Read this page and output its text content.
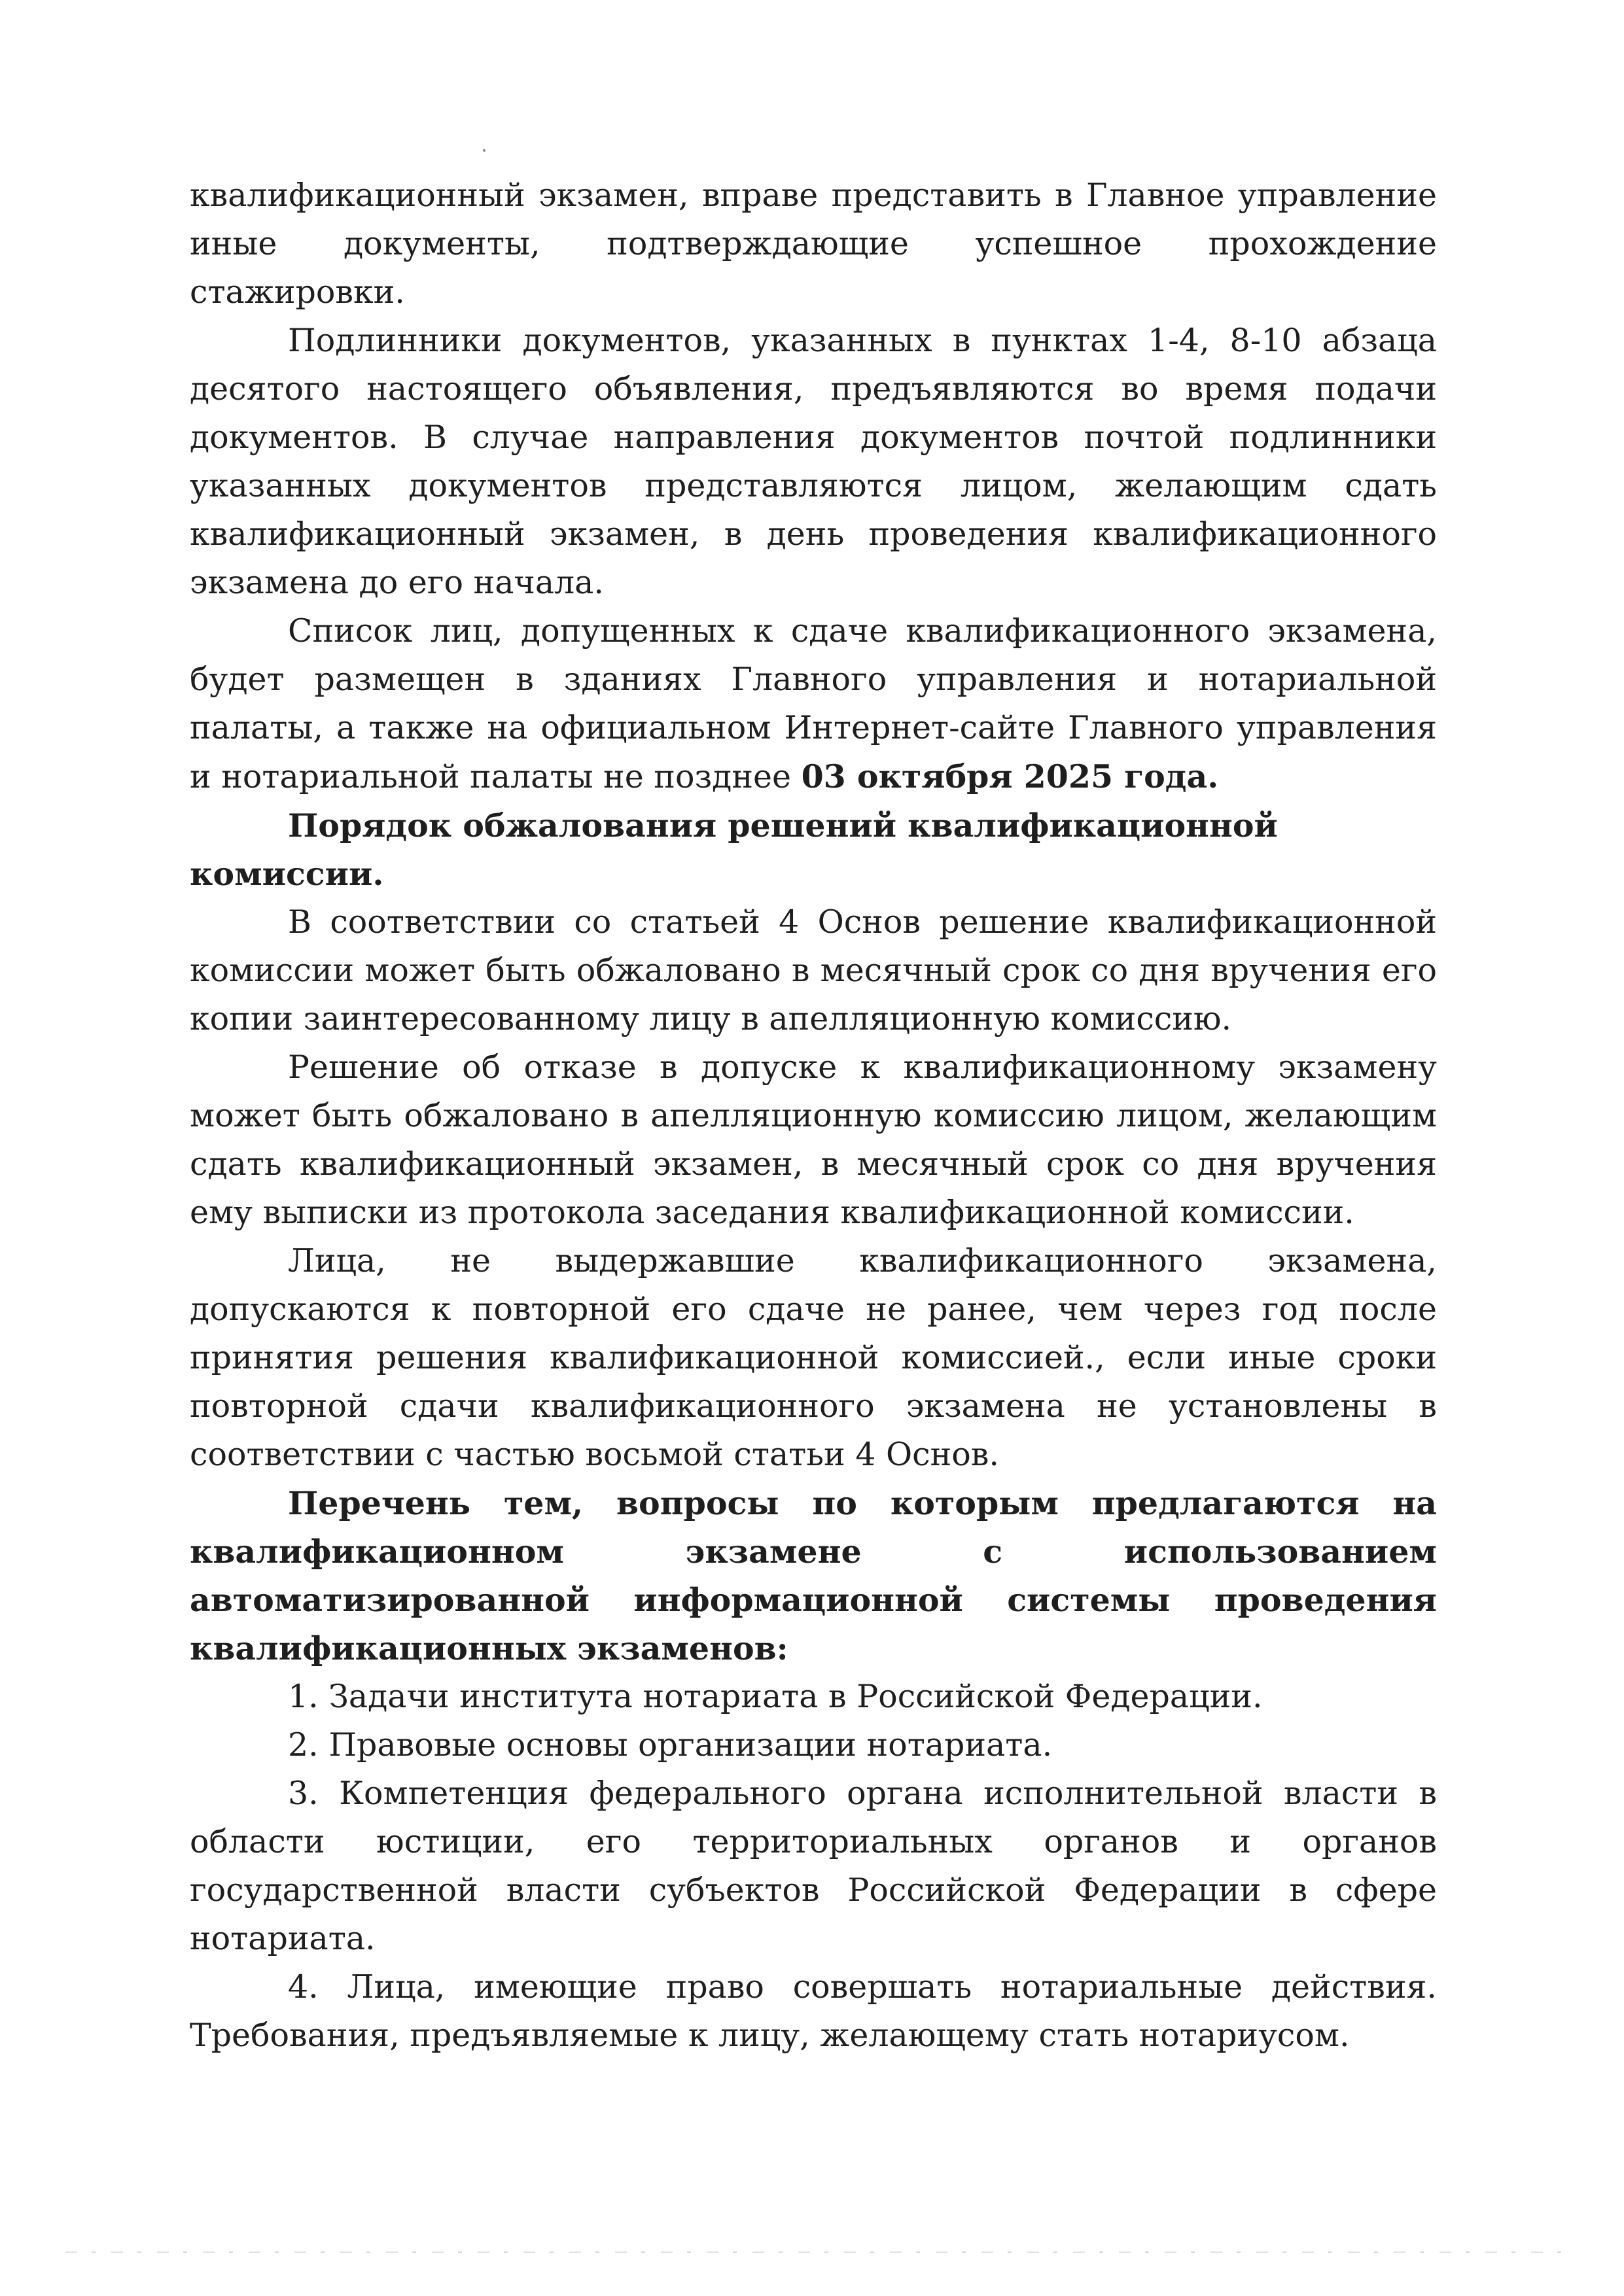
квалификационный экзамен, вправе представить в Главное управление иные документы, подтверждающие успешное прохождение стажировки.

Подлинники документов, указанных в пунктах 1-4, 8-10 абзаца десятого настоящего объявления, предъявляются во время подачи документов. В случае направления документов почтой подлинники указанных документов представляются лицом, желающим сдать квалификационный экзамен, в день проведения квалификационного экзамена до его начала.

Список лиц, допущенных к сдаче квалификационного экзамена, будет размещен в зданиях Главного управления и нотариальной палаты, а также на официальном Интернет-сайте Главного управления и нотариальной палаты не позднее 03 октября 2025 года.

Порядок обжалования решений квалификационной комиссии.

В соответствии со статьей 4 Основ решение квалификационной комиссии может быть обжаловано в месячный срок со дня вручения его копии заинтересованному лицу в апелляционную комиссию.

Решение об отказе в допуске к квалификационному экзамену может быть обжаловано в апелляционную комиссию лицом, желающим сдать квалификационный экзамен, в месячный срок со дня вручения ему выписки из протокола заседания квалификационной комиссии.

Лица, не выдержавшие квалификационного экзамена, допускаются к повторной его сдаче не ранее, чем через год после принятия решения квалификационной комиссией., если иные сроки повторной сдачи квалификационного экзамена не установлены в соответствии с частью восьмой статьи 4 Основ.

Перечень тем, вопросы по которым предлагаются на квалификационном экзамене с использованием автоматизированной информационной системы проведения квалификационных экзаменов:

1. Задачи института нотариата в Российской Федерации.

2. Правовые основы организации нотариата.

3. Компетенция федерального органа исполнительной власти в области юстиции, его территориальных органов и органов государственной власти субъектов Российской Федерации в сфере нотариата.

4. Лица, имеющие право совершать нотариальные действия. Требования, предъявляемые к лицу, желающему стать нотариусом.
